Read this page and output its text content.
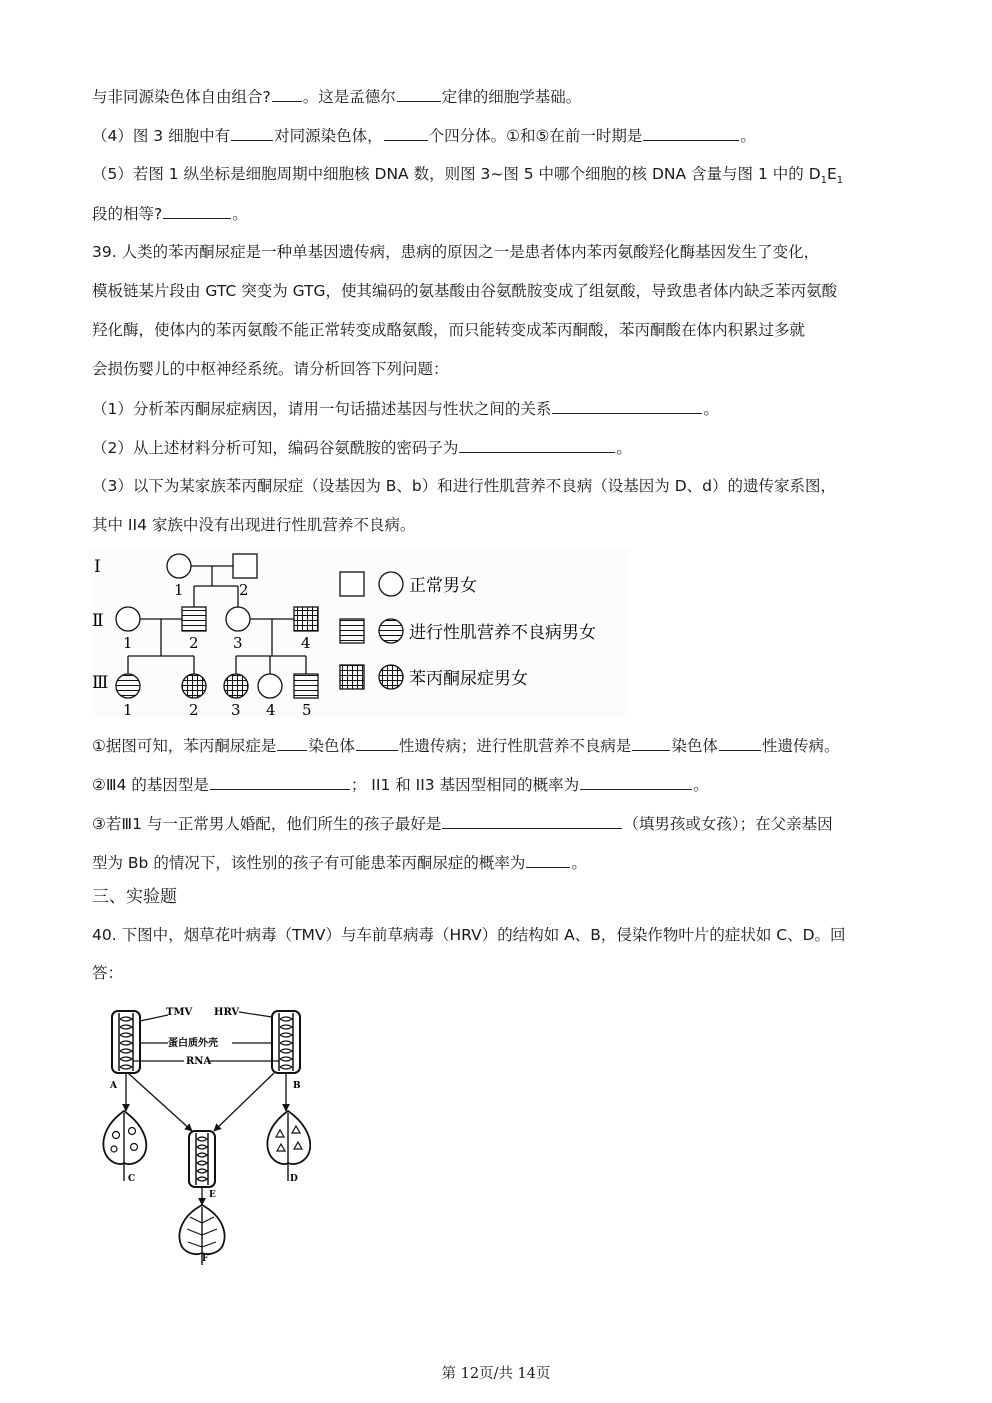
与非同源染色体自由组合? 。这是孟德尔	定律的细胞学基础。
（4）图 3 细胞中有	对同源染色体，	个四分体。①和⑤在前一时期是	。
（5）若图 1 纵坐标是细胞周期中细胞核 DNA 数，则图 3~图 5 中哪个细胞的核 DNA 含量与图 1 中的 $D_1E_1$
段的相等?	。
39. 人类的苯丙酮尿症是一种单基因遗传病，患病的原因之一是患者体内苯丙氨酸羟化酶基因发生了变化，
模板链某片段由 GTC 突变为 GTG，使其编码的氨基酸由谷氨酰胺变成了组氨酸，导致患者体内缺乏苯丙氨酸
羟化酶，使体内的苯丙氨酸不能正常转变成酪氨酸，而只能转变成苯丙酮酸，苯丙酮酸在体内积累过多就
会损伤婴儿的中枢神经系统。请分析回答下列问题：
（1）分析苯丙酮尿症病因，请用一句话描述基因与性状之间的关系	。
（2）从上述材料分析可知，编码谷氨酰胺的密码子为	。
（3）以下为某家族苯丙酮尿症（设基因为 B、b）和进行性肌营养不良病（设基因为 D、d）的遗传家系图，
其中 II4 家族中没有出现进行性肌营养不良病。
I
Ⅱ
Ⅲ
1	2
1	2 3	4
1	2 3 4 5
正常男女
进行性肌营养不良病男女
苯丙酮尿症男女
①据图可知，苯丙酮尿症是 染色体	性遗传病；进行性肌营养不良病是	染色体	性遗传病。
②Ⅲ4 的基因型是	； II1 和 II3 基因型相同的概率为	。
③若Ⅲ1 与一正常男人婚配，他们所生的孩子最好是	（填男孩或女孩）；在父亲基因
型为 Bb 的情况下，该性别的孩子有可能患苯丙酮尿症的概率为	。
三、实验题
40. 下图中，烟草花叶病毒（TMV）与车前草病毒（HRV）的结构如 A、B，侵染作物叶片的症状如 C、D。回
答：
TMV HRV
蛋白质外壳
RNA
A	B
C	D
E
F
第 12页/共 14页
